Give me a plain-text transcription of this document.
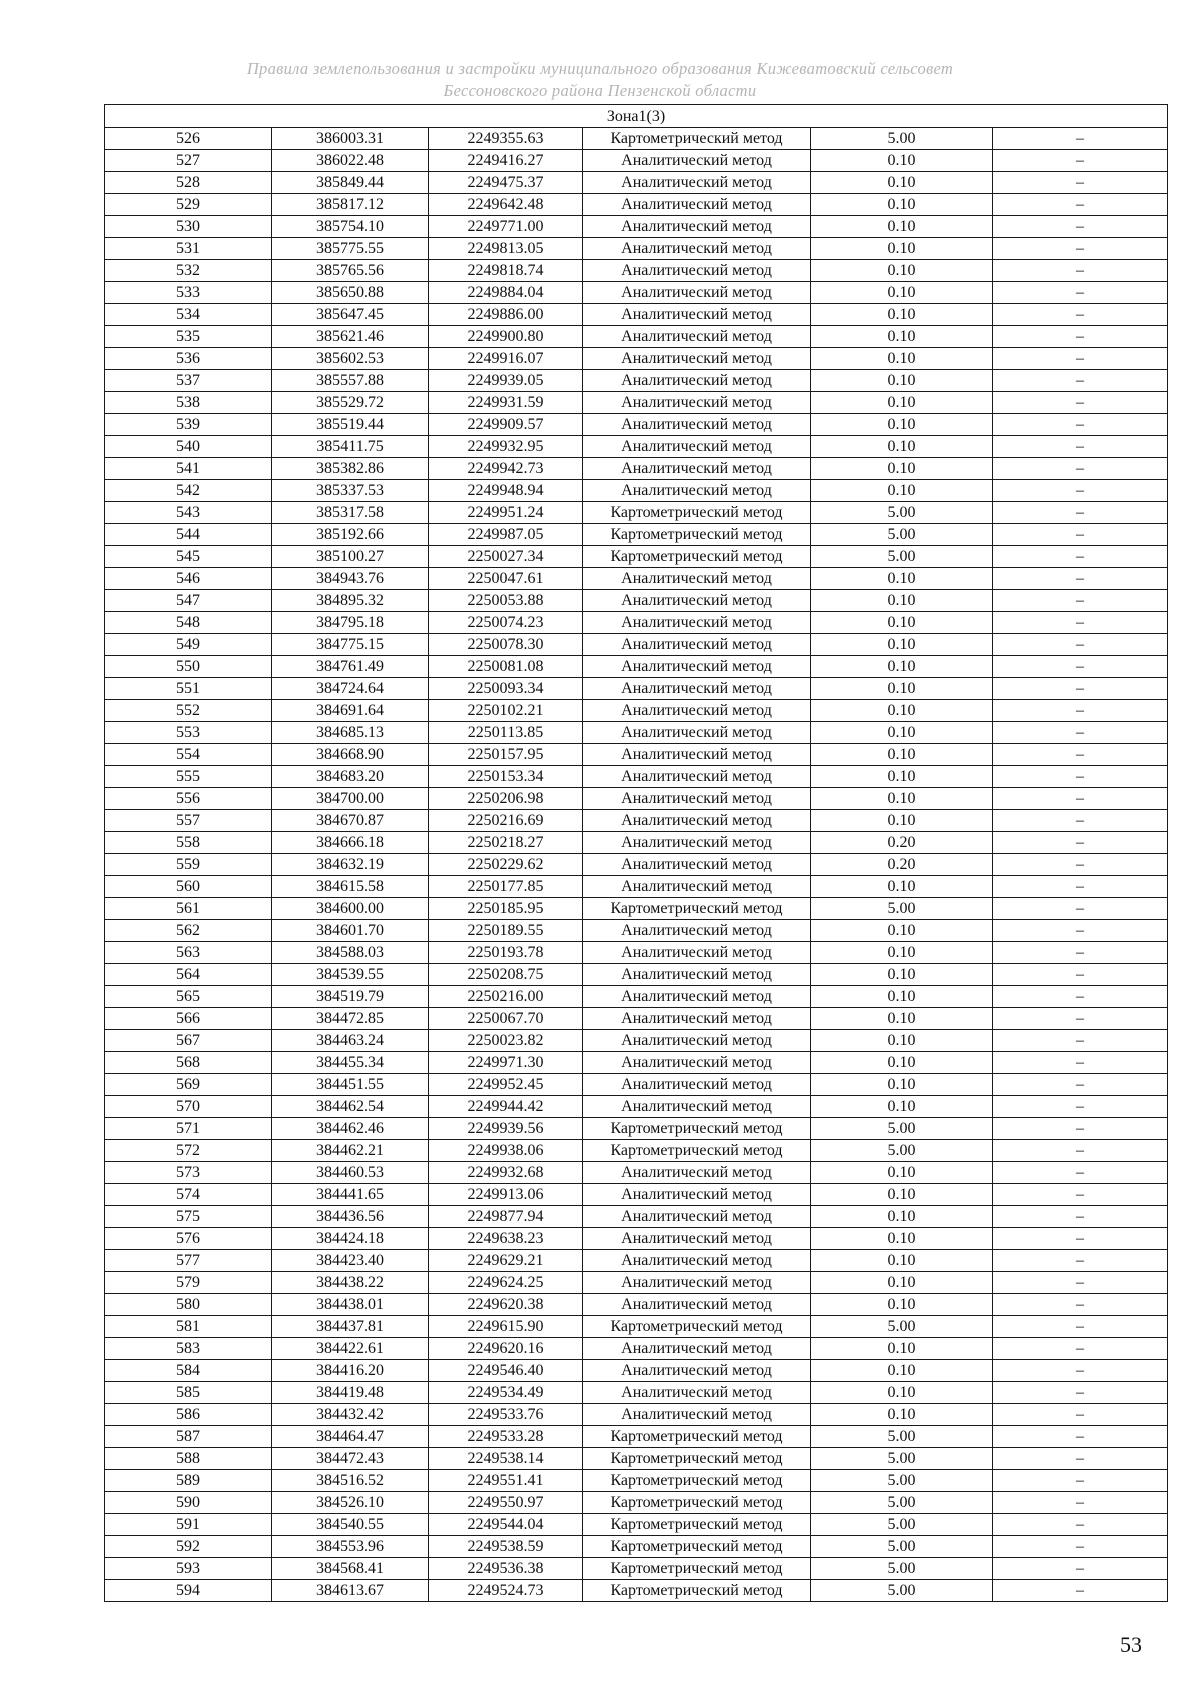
Правила землепользования и застройки муниципального образования Кижеватовский сельсовет
Бессоновского района Пензенской области
Зона1(3)					
526	386003.31	2249355.63	Картометрический метод	5.00	–
527	386022.48	2249416.27	Аналитический метод	0.10	–
528	385849.44	2249475.37	Аналитический метод	0.10	–
529	385817.12	2249642.48	Аналитический метод	0.10	–
530	385754.10	2249771.00	Аналитический метод	0.10	–
531	385775.55	2249813.05	Аналитический метод	0.10	–
532	385765.56	2249818.74	Аналитический метод	0.10	–
533	385650.88	2249884.04	Аналитический метод	0.10	–
534	385647.45	2249886.00	Аналитический метод	0.10	–
535	385621.46	2249900.80	Аналитический метод	0.10	–
536	385602.53	2249916.07	Аналитический метод	0.10	–
537	385557.88	2249939.05	Аналитический метод	0.10	–
538	385529.72	2249931.59	Аналитический метод	0.10	–
539	385519.44	2249909.57	Аналитический метод	0.10	–
540	385411.75	2249932.95	Аналитический метод	0.10	–
541	385382.86	2249942.73	Аналитический метод	0.10	–
542	385337.53	2249948.94	Аналитический метод	0.10	–
543	385317.58	2249951.24	Картометрический метод	5.00	–
544	385192.66	2249987.05	Картометрический метод	5.00	–
545	385100.27	2250027.34	Картометрический метод	5.00	–
546	384943.76	2250047.61	Аналитический метод	0.10	–
547	384895.32	2250053.88	Аналитический метод	0.10	–
548	384795.18	2250074.23	Аналитический метод	0.10	–
549	384775.15	2250078.30	Аналитический метод	0.10	–
550	384761.49	2250081.08	Аналитический метод	0.10	–
551	384724.64	2250093.34	Аналитический метод	0.10	–
552	384691.64	2250102.21	Аналитический метод	0.10	–
553	384685.13	2250113.85	Аналитический метод	0.10	–
554	384668.90	2250157.95	Аналитический метод	0.10	–
555	384683.20	2250153.34	Аналитический метод	0.10	–
556	384700.00	2250206.98	Аналитический метод	0.10	–
557	384670.87	2250216.69	Аналитический метод	0.10	–
558	384666.18	2250218.27	Аналитический метод	0.20	–
559	384632.19	2250229.62	Аналитический метод	0.20	–
560	384615.58	2250177.85	Аналитический метод	0.10	–
561	384600.00	2250185.95	Картометрический метод	5.00	–
562	384601.70	2250189.55	Аналитический метод	0.10	–
563	384588.03	2250193.78	Аналитический метод	0.10	–
564	384539.55	2250208.75	Аналитический метод	0.10	–
565	384519.79	2250216.00	Аналитический метод	0.10	–
566	384472.85	2250067.70	Аналитический метод	0.10	–
567	384463.24	2250023.82	Аналитический метод	0.10	–
568	384455.34	2249971.30	Аналитический метод	0.10	–
569	384451.55	2249952.45	Аналитический метод	0.10	–
570	384462.54	2249944.42	Аналитический метод	0.10	–
571	384462.46	2249939.56	Картометрический метод	5.00	–
572	384462.21	2249938.06	Картометрический метод	5.00	–
573	384460.53	2249932.68	Аналитический метод	0.10	–
574	384441.65	2249913.06	Аналитический метод	0.10	–
575	384436.56	2249877.94	Аналитический метод	0.10	–
576	384424.18	2249638.23	Аналитический метод	0.10	–
577	384423.40	2249629.21	Аналитический метод	0.10	–
579	384438.22	2249624.25	Аналитический метод	0.10	–
580	384438.01	2249620.38	Аналитический метод	0.10	–
581	384437.81	2249615.90	Картометрический метод	5.00	–
583	384422.61	2249620.16	Аналитический метод	0.10	–
584	384416.20	2249546.40	Аналитический метод	0.10	–
585	384419.48	2249534.49	Аналитический метод	0.10	–
586	384432.42	2249533.76	Аналитический метод	0.10	–
587	384464.47	2249533.28	Картометрический метод	5.00	–
588	384472.43	2249538.14	Картометрический метод	5.00	–
589	384516.52	2249551.41	Картометрический метод	5.00	–
590	384526.10	2249550.97	Картометрический метод	5.00	–
591	384540.55	2249544.04	Картометрический метод	5.00	–
592	384553.96	2249538.59	Картометрический метод	5.00	–
593	384568.41	2249536.38	Картометрический метод	5.00	–
594	384613.67	2249524.73	Картометрический метод	5.00	–
53
